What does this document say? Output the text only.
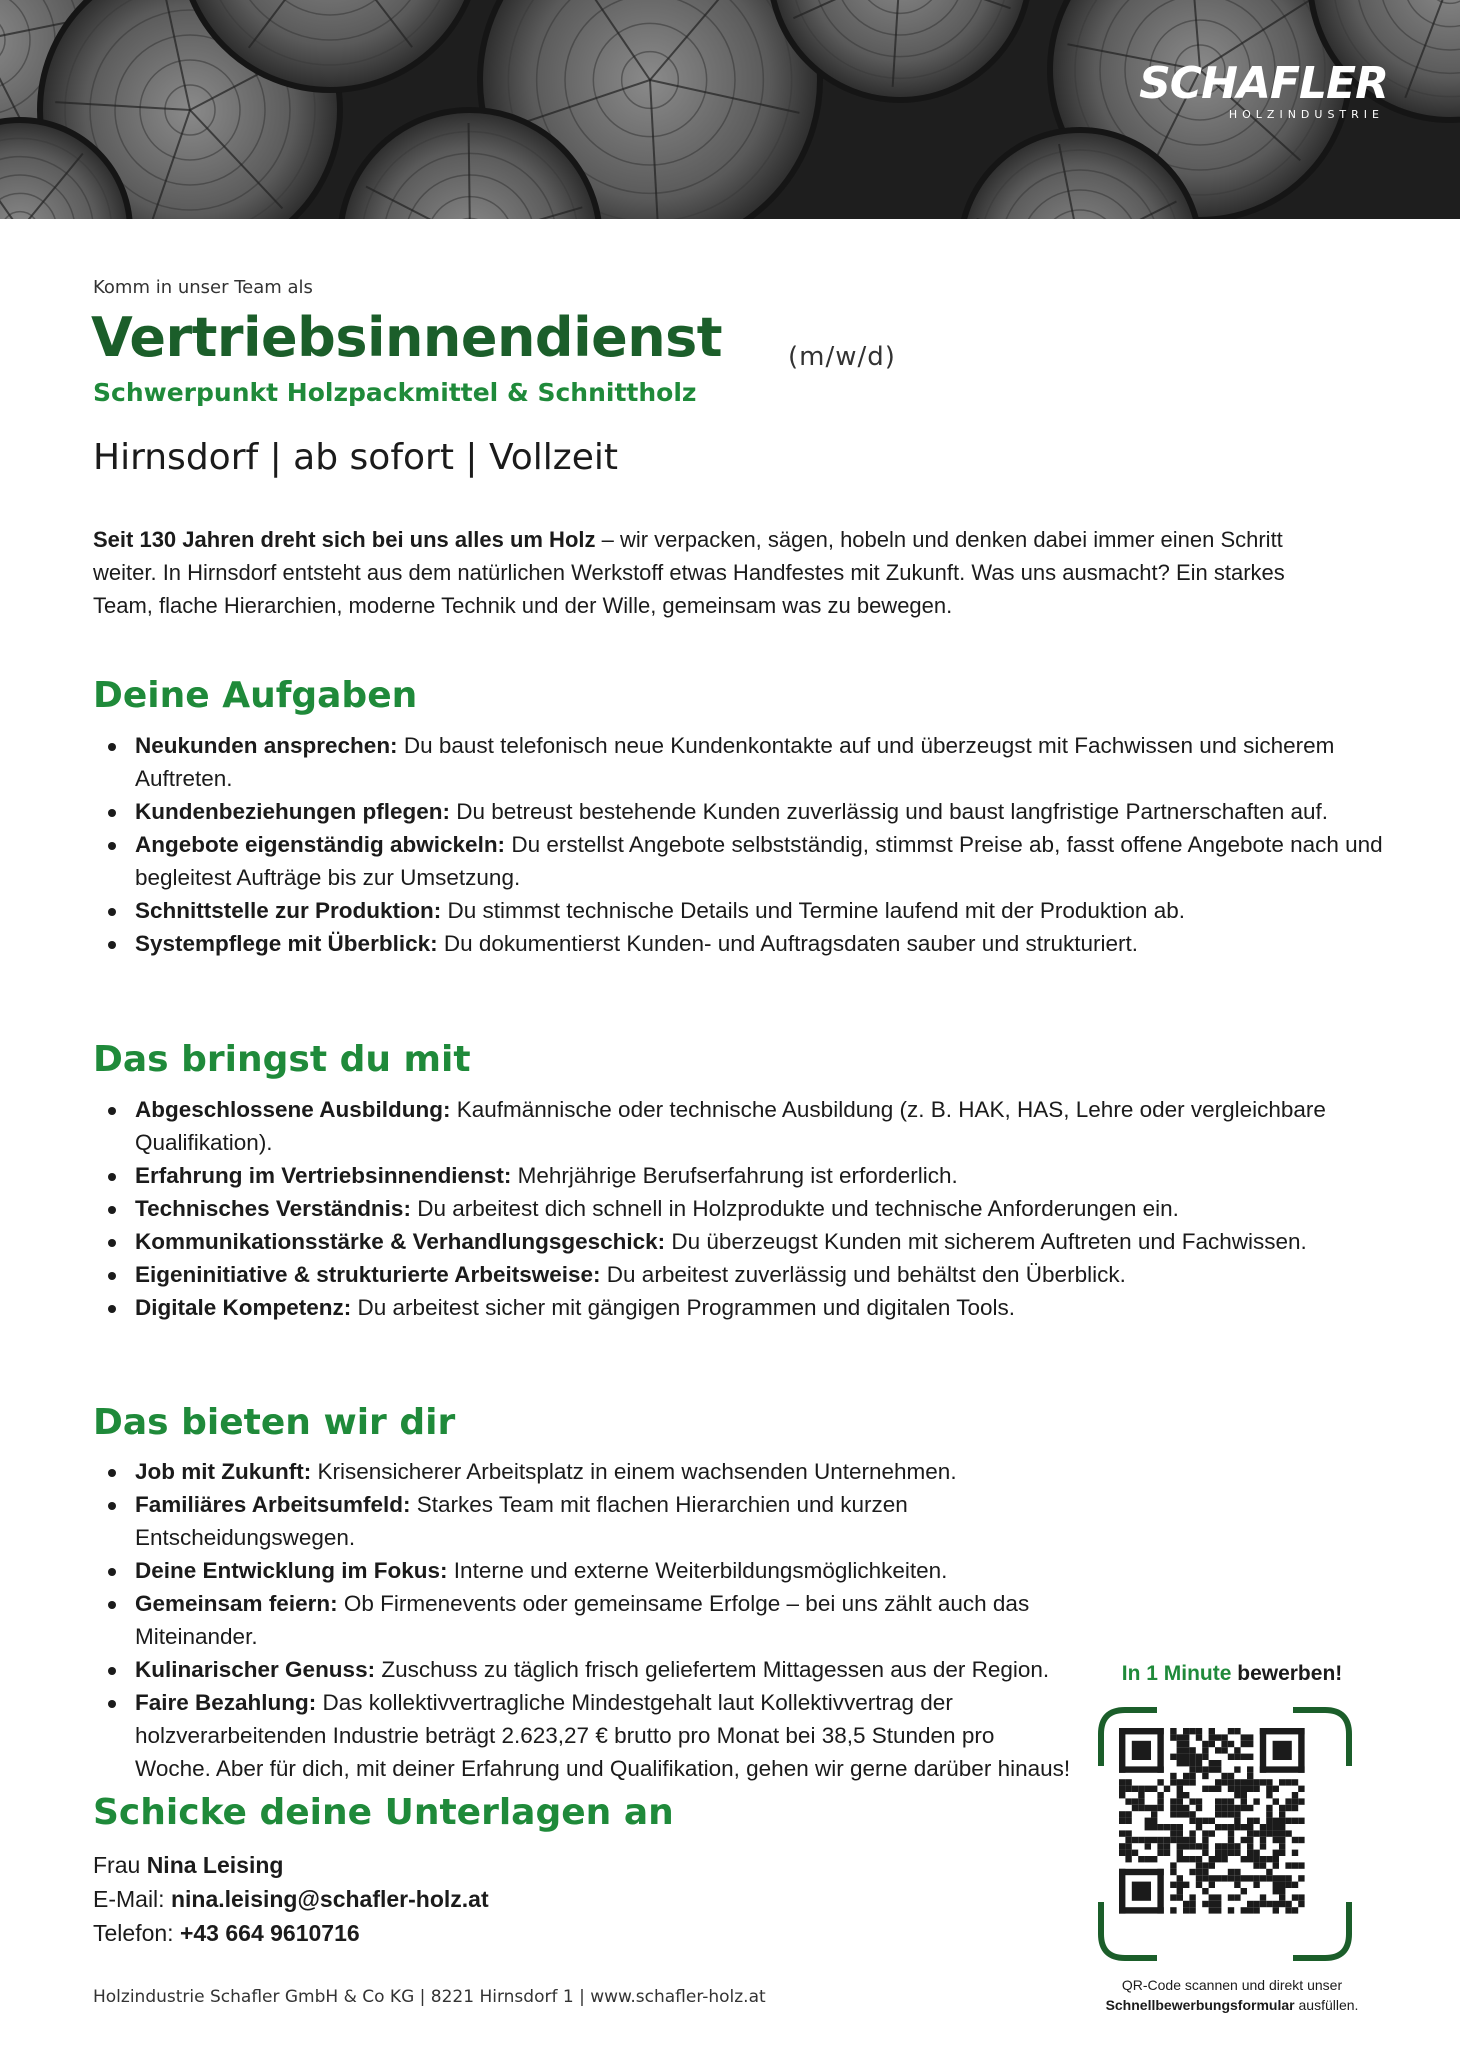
SCHAFLER
HOLZINDUSTRIE
Komm in unser Team als
Vertriebsinnendienst	(m/w/d)
Schwerpunkt Holzpackmittel & Schnittholz
Hirnsdorf | ab sofort | Vollzeit
Seit 130 Jahren dreht sich bei uns alles um Holz – wir verpacken, sägen, hobeln und denken dabei immer einen Schritt weiter. In Hirnsdorf entsteht aus dem natürlichen Werkstoff etwas Handfestes mit Zukunft. Was uns ausmacht? Ein starkes Team, flache Hierarchien, moderne Technik und der Wille, gemeinsam was zu bewegen.
Deine Aufgaben
Neukunden ansprechen: Du baust telefonisch neue Kundenkontakte auf und überzeugst mit Fachwissen und sicherem Auftreten.
Kundenbeziehungen pflegen: Du betreust bestehende Kunden zuverlässig und baust langfristige Partnerschaften auf.
Angebote eigenständig abwickeln: Du erstellst Angebote selbstständig, stimmst Preise ab, fasst offene Angebote nach und begleitest Aufträge bis zur Umsetzung.
Schnittstelle zur Produktion: Du stimmst technische Details und Termine laufend mit der Produktion ab.
Systempflege mit Überblick: Du dokumentierst Kunden- und Auftragsdaten sauber und strukturiert.
Das bringst du mit
Abgeschlossene Ausbildung: Kaufmännische oder technische Ausbildung (z. B. HAK, HAS, Lehre oder vergleichbare Qualifikation).
Erfahrung im Vertriebsinnendienst: Mehrjährige Berufserfahrung ist erforderlich.
Technisches Verständnis: Du arbeitest dich schnell in Holzprodukte und technische Anforderungen ein.
Kommunikationsstärke & Verhandlungsgeschick: Du überzeugst Kunden mit sicherem Auftreten und Fachwissen.
Eigeninitiative & strukturierte Arbeitsweise: Du arbeitest zuverlässig und behältst den Überblick.
Digitale Kompetenz: Du arbeitest sicher mit gängigen Programmen und digitalen Tools.
Das bieten wir dir
Job mit Zukunft: Krisensicherer Arbeitsplatz in einem wachsenden Unternehmen.
Familiäres Arbeitsumfeld: Starkes Team mit flachen Hierarchien und kurzen Entscheidungswegen.
Deine Entwicklung im Fokus: Interne und externe Weiterbildungsmöglichkeiten.
Gemeinsam feiern: Ob Firmenevents oder gemeinsame Erfolge – bei uns zählt auch das Miteinander.
Kulinarischer Genuss: Zuschuss zu täglich frisch geliefertem Mittagessen aus der Region.
Faire Bezahlung: Das kollektivvertragliche Mindestgehalt laut Kollektivvertrag der holzverarbeitenden Industrie beträgt 2.623,27 € brutto pro Monat bei 38,5 Stunden pro Woche. Aber für dich, mit deiner Erfahrung und Qualifikation, gehen wir gerne darüber hinaus!
Schicke deine Unterlagen an
Frau Nina Leising
E-Mail: nina.leising@schafler-holz.at
Telefon: +43 664 9610716
In 1 Minute bewerben!
QR-Code scannen und direkt unser
Schnellbewerbungsformular ausfüllen.
Holzindustrie Schafler GmbH & Co KG | 8221 Hirnsdorf 1 | www.schafler-holz.at
